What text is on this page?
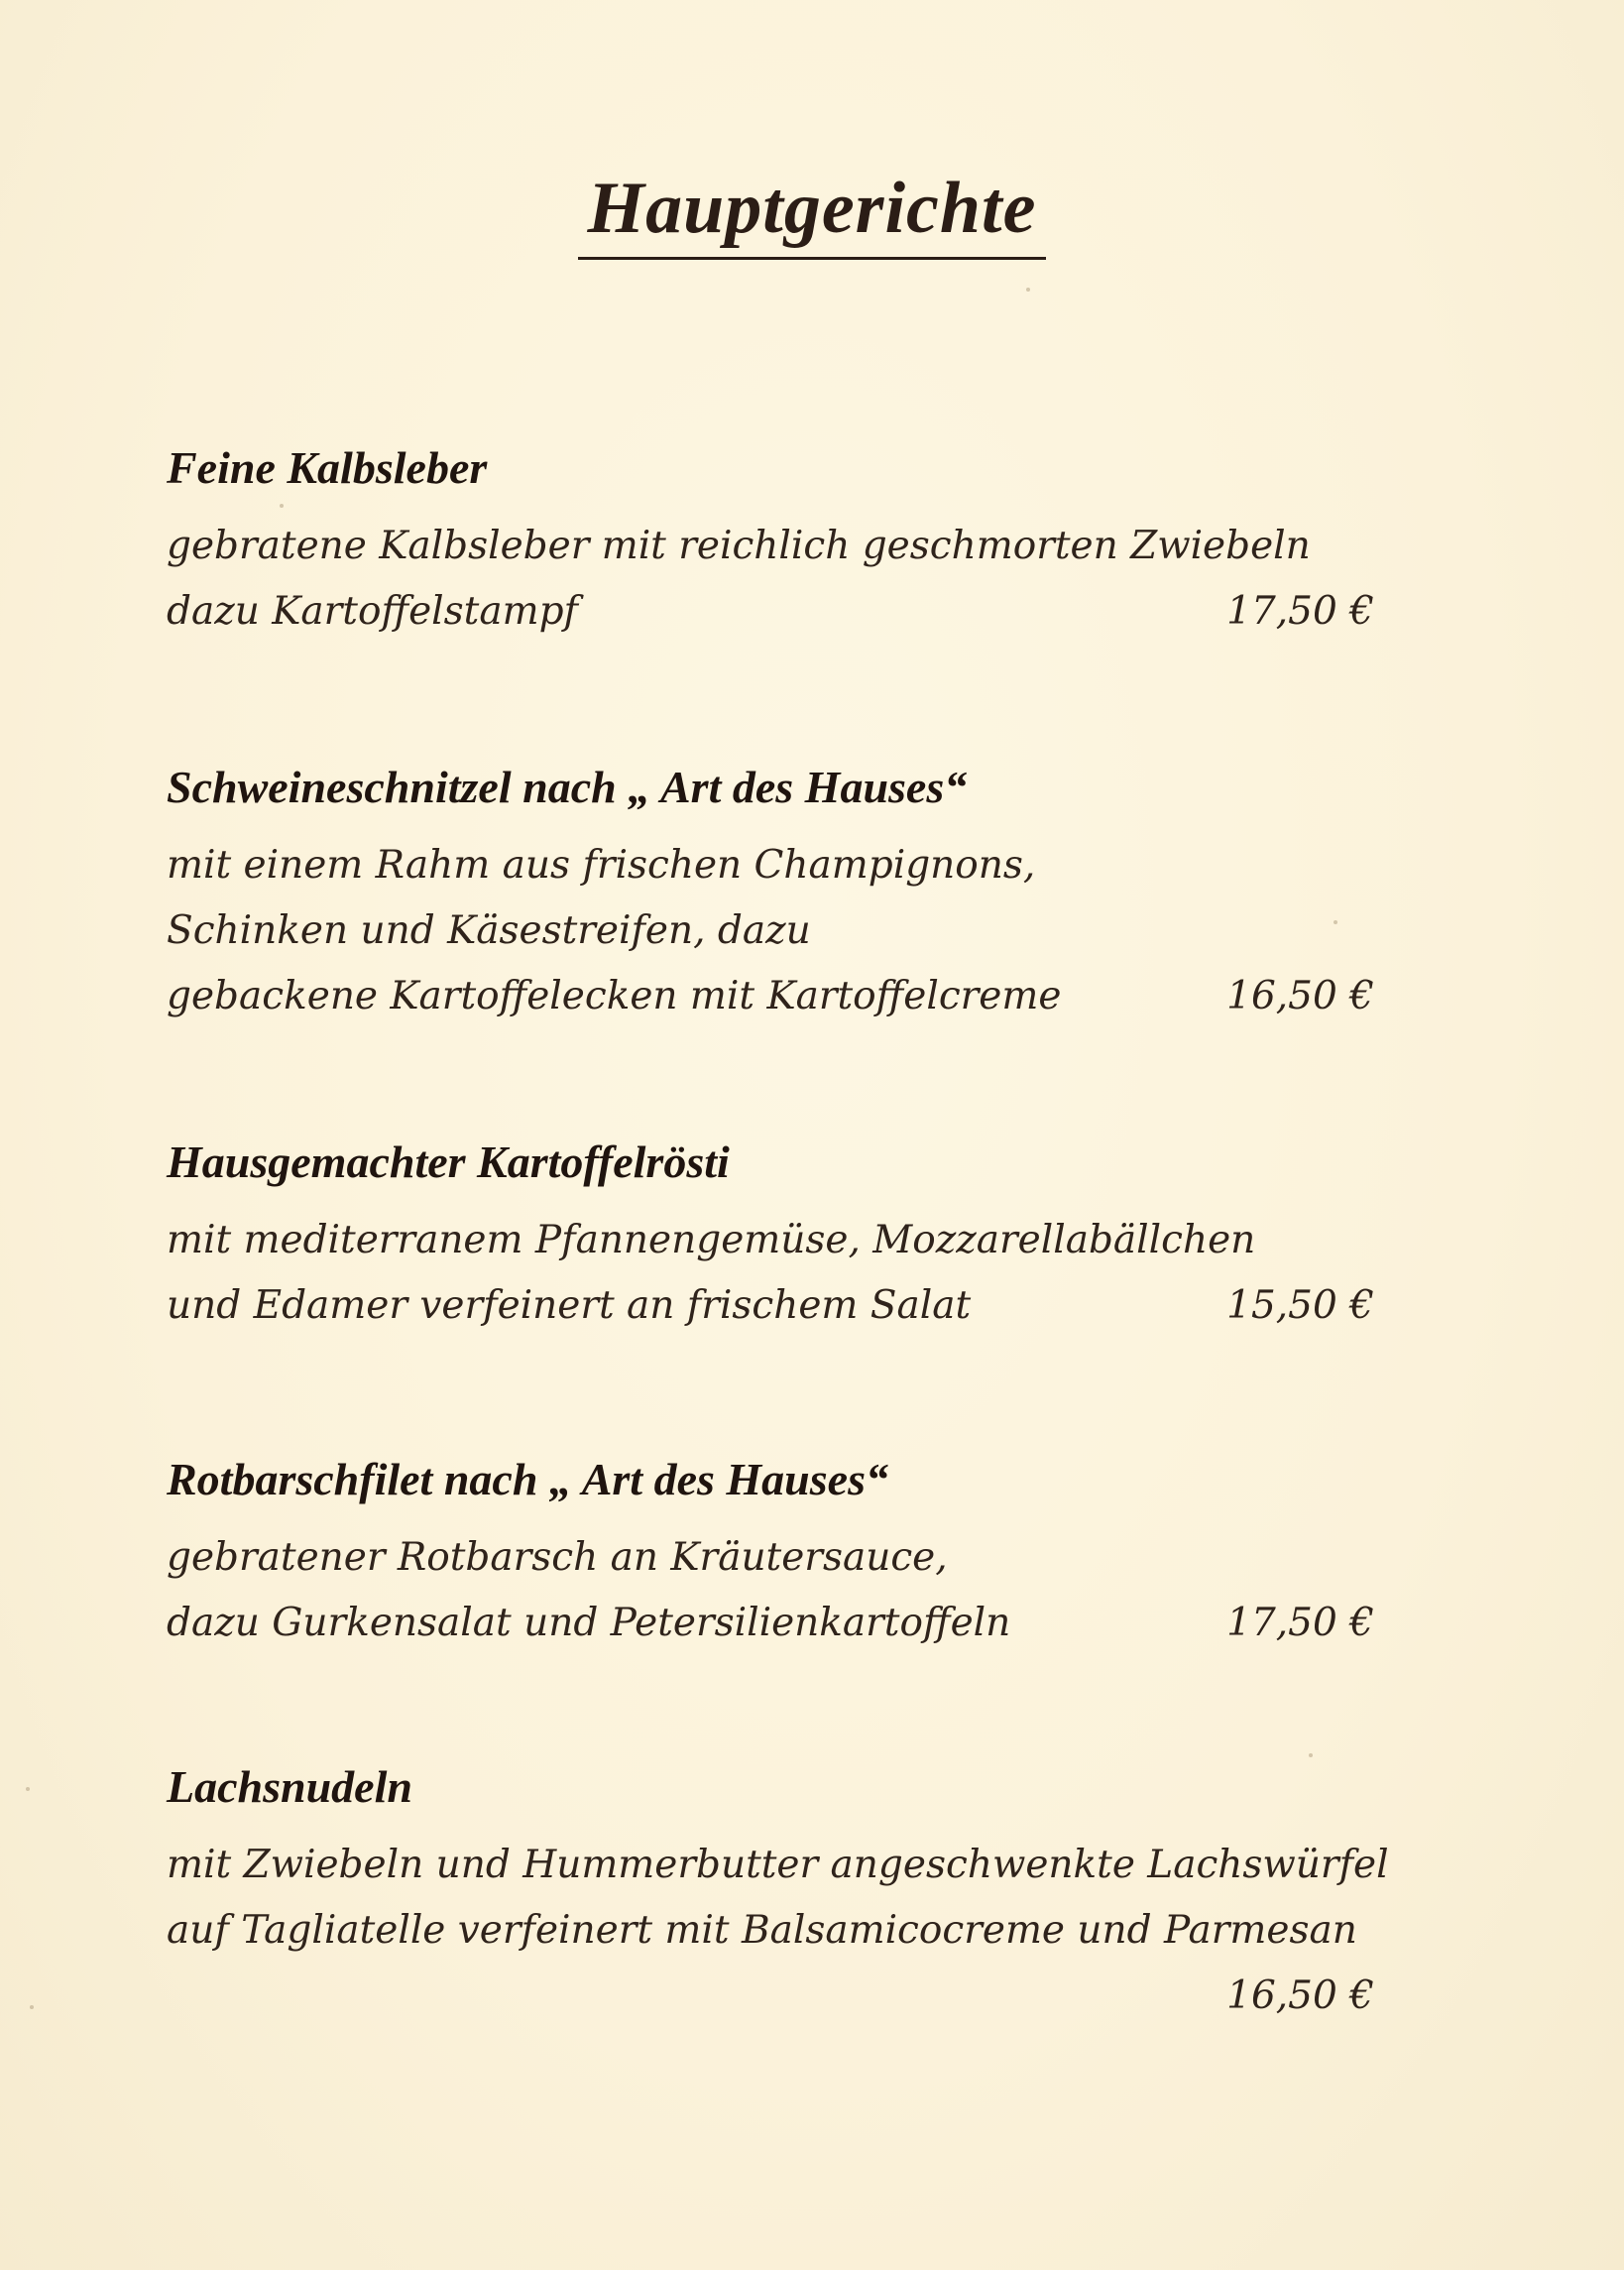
Hauptgerichte
Feine Kalbsleber
gebratene Kalbsleber mit reichlich geschmorten Zwiebeln
dazu Kartoffelstampf	17,50 €
Schweineschnitzel nach „ Art des Hauses“
mit einem Rahm aus frischen Champignons,
Schinken und Käsestreifen, dazu
gebackene Kartoffelecken mit Kartoffelcreme	16,50 €
Hausgemachter Kartoffelrösti
mit mediterranem Pfannengemüse, Mozzarellabällchen
und Edamer verfeinert an frischem Salat	15,50 €
Rotbarschfilet nach „ Art des Hauses“
gebratener Rotbarsch an Kräutersauce,
dazu Gurkensalat und Petersilienkartoffeln	17,50 €
Lachsnudeln
mit Zwiebeln und Hummerbutter angeschwenkte Lachswürfel
auf Tagliatelle verfeinert mit Balsamicocreme und Parmesan
16,50 €
